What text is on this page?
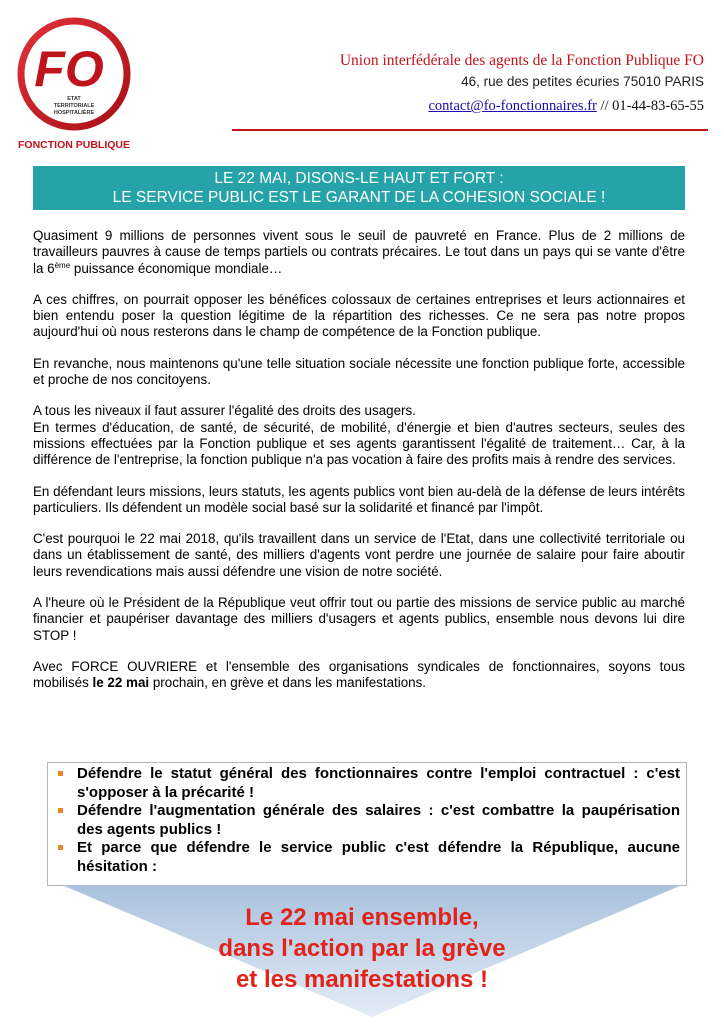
FO
ETAT
TERRITORIALE
HOSPITALIÈRE
FONCTION PUBLIQUE
Union interfédérale des agents de la Fonction Publique FO
46, rue des petites écuries 75010 PARIS
contact@fo-fonctionnaires.fr // 01-44-83-65-55
LE 22 MAI, DISONS-LE HAUT ET FORT :
LE SERVICE PUBLIC EST LE GARANT DE LA COHESION SOCIALE !

Quasiment 9 millions de personnes vivent sous le seuil de pauvreté en France. Plus de 2 millions de travailleurs pauvres à cause de temps partiels ou contrats précaires. Le tout dans un pays qui se vante d'être la 6ème puissance économique mondiale…

A ces chiffres, on pourrait opposer les bénéfices colossaux de certaines entreprises et leurs actionnaires et bien entendu poser la question légitime de la répartition des richesses. Ce ne sera pas notre propos aujourd'hui où nous resterons dans le champ de compétence de la Fonction publique.

En revanche, nous maintenons qu'une telle situation sociale nécessite une fonction publique forte, accessible et proche de nos concitoyens.

A tous les niveaux il faut assurer l'égalité des droits des usagers.

En termes d'éducation, de santé, de sécurité, de mobilité, d'énergie et bien d'autres secteurs, seules des missions effectuées par la Fonction publique et ses agents garantissent l'égalité de traitement… Car, à la différence de l'entreprise, la fonction publique n'a pas vocation à faire des profits mais à rendre des services.

En défendant leurs missions, leurs statuts, les agents publics vont bien au-delà de la défense de leurs intérêts particuliers. Ils défendent un modèle social basé sur la solidarité et financé par l'impôt.

C'est pourquoi le 22 mai 2018, qu'ils travaillent dans un service de l'Etat, dans une collectivité territoriale ou dans un établissement de santé, des milliers d'agents vont perdre une journée de salaire pour faire aboutir leurs revendications mais aussi défendre une vision de notre société.

A l'heure où le Président de la République veut offrir tout ou partie des missions de service public au marché financier et paupériser davantage des milliers d'usagers et agents publics, ensemble nous devons lui dire STOP !

Avec FORCE OUVRIERE et l'ensemble des organisations syndicales de fonctionnaires, soyons tous mobilisés le 22 mai prochain, en grève et dans les manifestations.

Défendre le statut général des fonctionnaires contre l'emploi contractuel : c'est s'opposer à la précarité !
Défendre l'augmentation générale des salaires : c'est combattre la paupérisation des agents publics !
Et parce que défendre le service public c'est défendre la République, aucune hésitation :
Le 22 mai ensemble,
dans l'action par la grève
et les manifestations !
